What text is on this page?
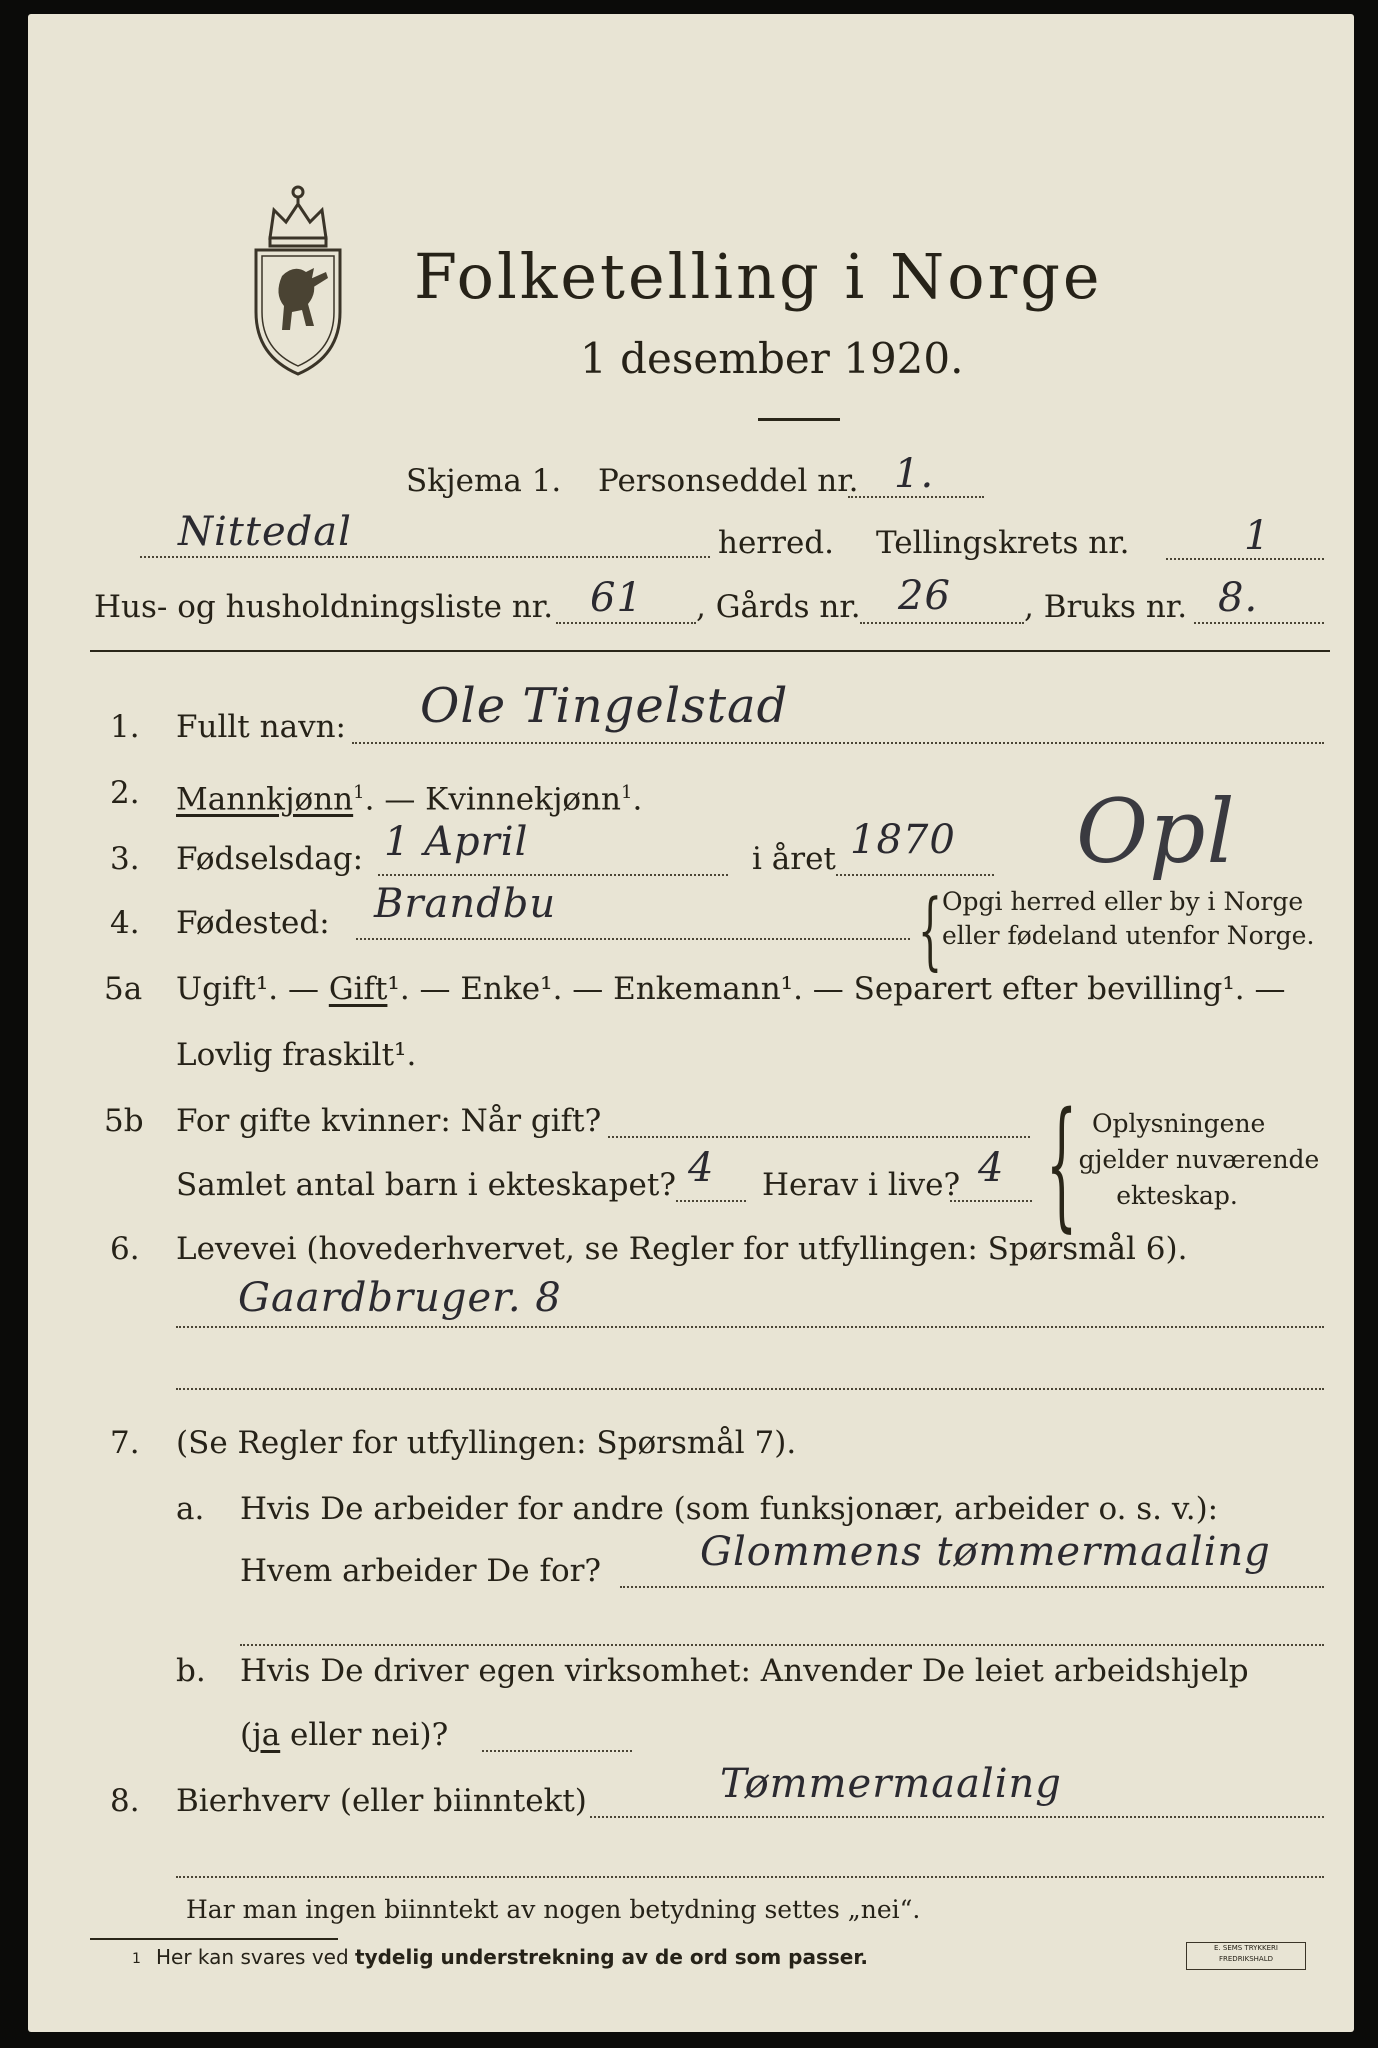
Folketelling i Norge
1 desember 1920.
Skjema 1. Personseddel nr. 1.
Nittedal	herred. Tellingskrets nr.	1
Hus- og husholdningsliste nr. 61 , Gårds nr. 26 , Bruks nr. 8.
1. Fullt navn: Ole Tingelstad
2. Mannkjønn$^1$. — Kvinnekjønn$^1$.
3. Fødselsdag: 1 April	i året 1870 Opl
4. Fødested: Brandbu	{ Opgi herred eller by i Norge
eller fødeland utenfor Norge.
5a Ugift¹. — Gift¹. — Enke¹. — Enkemann¹. — Separert efter bevilling¹. —
Lovlig fraskilt¹.
5b For gifte kvinner: Når gift?
Samlet antal barn i ekteskapet? 4 Herav i live? 4 { Oplysningene
gjelder nuværende
ekteskap.
6. Levevei (hovederhvervet, se Regler for utfyllingen: Spørsmål 6).
Gaardbruger. 8
7. (Se Regler for utfyllingen: Spørsmål 7).
a. Hvis De arbeider for andre (som funksjonær, arbeider o. s. v.):
Hvem arbeider De for? Glommens tømmermaaling
b. Hvis De driver egen virksomhet: Anvender De leiet arbeidshjelp
(ja eller nei)?
8. Bierhverv (eller biinntekt)	Tømmermaaling
Har man ingen biinntekt av nogen betydning settes „nei“.
1 Her kan svares ved tydelig understrekning av de ord som passer.	E. SEMS TRYKKERI
FREDRIKSHALD
